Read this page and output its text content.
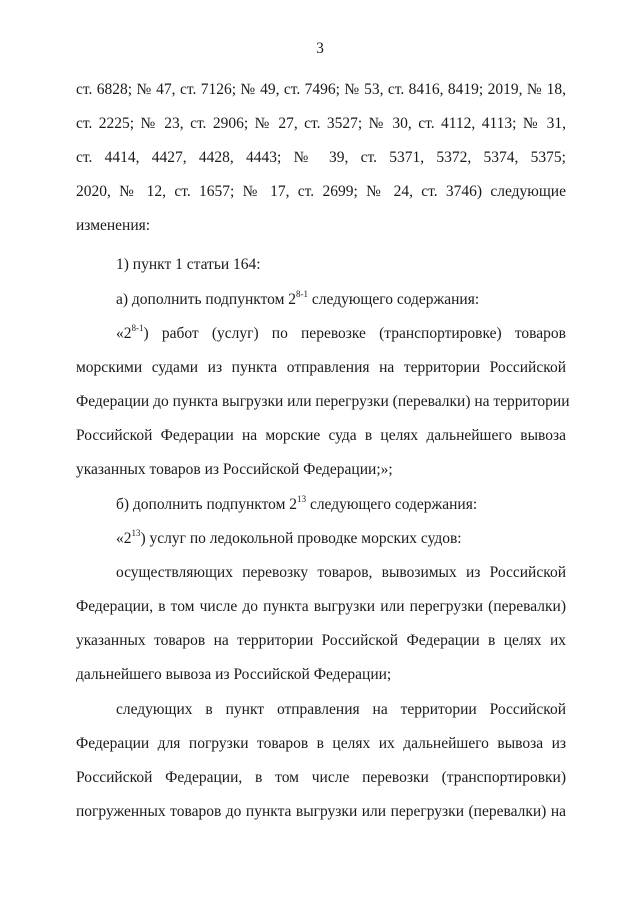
3
ст. 6828; № 47, ст. 7126; № 49, ст. 7496; № 53, ст. 8416, 8419; 2019, № 18,
ст. 2225; № 23, ст. 2906; № 27, ст. 3527; № 30, ст. 4112, 4113; № 31,
ст. 4414, 4427, 4428, 4443; № 39, ст. 5371, 5372, 5374, 5375;
2020, № 12, ст. 1657; № 17, ст. 2699; № 24, ст. 3746) следующие
изменения:
1) пункт 1 статьи 164:
а) дополнить подпунктом 2$^{8-1}$ следующего содержания:
«2$^{8-1}$) работ (услуг) по перевозке (транспортировке) товаров
морскими судами из пункта отправления на территории Российской
Федерации до пункта выгрузки или перегрузки (перевалки) на территории
Российской Федерации на морские суда в целях дальнейшего вывоза
указанных товаров из Российской Федерации;»;
б) дополнить подпунктом $2^{13}$ следующего содержания:
«$2^{13}$) услуг по ледокольной проводке морских судов:
осуществляющих перевозку товаров, вывозимых из Российской
Федерации, в том числе до пункта выгрузки или перегрузки (перевалки)
указанных товаров на территории Российской Федерации в целях их
дальнейшего вывоза из Российской Федерации;
следующих в пункт отправления на территории Российской
Федерации для погрузки товаров в целях их дальнейшего вывоза из
Российской Федерации, в том числе перевозки (транспортировки)
погруженных товаров до пункта выгрузки или перегрузки (перевалки) на
